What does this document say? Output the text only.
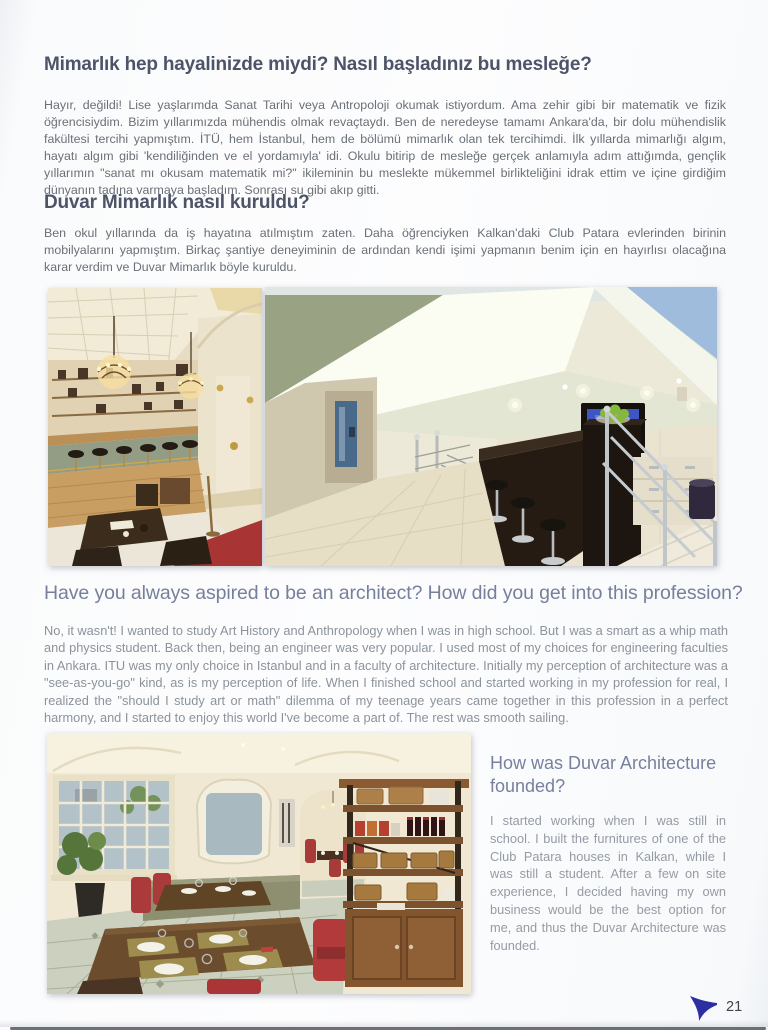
Mimarlık hep hayalinizde miydi? Nasıl başladınız bu mesleğe?

Hayır, değildi! Lise yaşlarımda Sanat Tarihi veya Antropoloji okumak istiyordum. Ama zehir gibi bir matematik ve fizik öğrencisiydim. Bizim yıllarımızda mühendis olmak revaçtaydı. Ben de neredeyse tamamı Ankara'da, bir dolu mühendislik fakültesi tercihi yapmıştım. İTÜ, hem İstanbul, hem de bölümü mimarlık olan tek tercihimdi. İlk yıllarda mimarlığı algım, hayatı algım gibi 'kendiliğinden ve el yordamıyla' idi. Okulu bitirip de mesleğe gerçek anlamıyla adım attığımda, gençlik yıllarımın "sanat mı okusam matematik mi?" ikileminin bu meslekte mükemmel birlikteliğini idrak ettim ve içine girdiğim dünyanın tadına varmaya başladım. Sonrası su gibi akıp gitti.

Duvar Mimarlık nasıl kuruldu?

Ben okul yıllarında da iş hayatına atılmıştım zaten. Daha öğrenciyken Kalkan'daki Club Patara evlerinden birinin mobilyalarını yapmıştım. Birkaç şantiye deneyiminin de ardından kendi işimi yapmanın benim için en hayırlısı olacağına karar verdim ve Duvar Mimarlık böyle kuruldu.

Have you always aspired to be an architect? How did you get into this profession?

No, it wasn't! I wanted to study Art History and Anthropology when I was in high school. But I was a smart as a whip math and physics student. Back then, being an engineer was very popular. I used most of my choices for engineering faculties in Ankara. ITU was my only choice in Istanbul and in a faculty of architecture. Initially my perception of architecture was a "see-as-you-go" kind, as is my perception of life. When I finished school and started working in my profession for real, I realized the "should I study art or math" dilemma of my teenage years came together in this profession in a perfect harmony, and I started to enjoy this world I've become a part of. The rest was smooth sailing.

How was Duvar Architecture founded?

I started working when I was still in school. I built the furnitures of one of the Club Patara houses in Kalkan, while I was still a student. After a few on site experience, I decided having my own business would be the best option for me, and thus the Duvar Architecture was founded.

21
